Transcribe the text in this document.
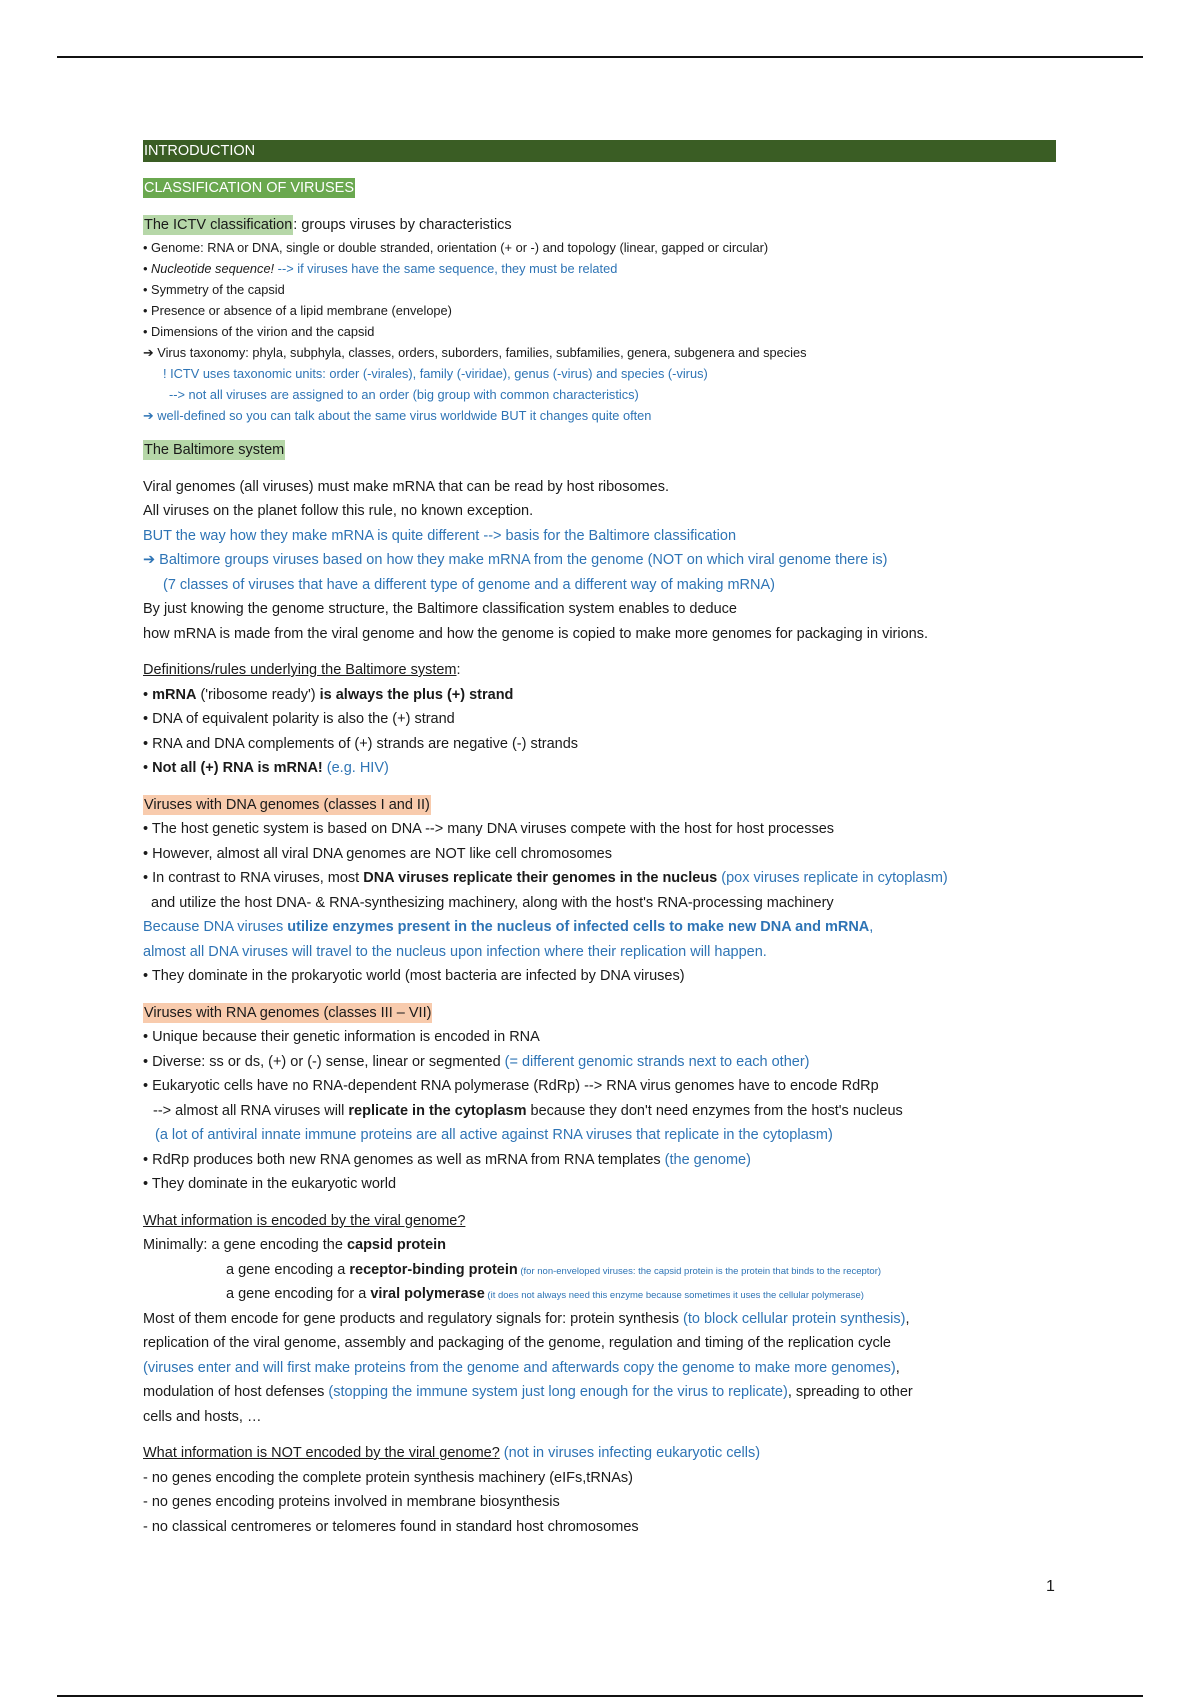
INTRODUCTION
CLASSIFICATION OF VIRUSES
The ICTV classification: groups viruses by characteristics
• Genome: RNA or DNA, single or double stranded, orientation (+ or -) and topology (linear, gapped or circular)
• Nucleotide sequence! --> if viruses have the same sequence, they must be related
• Symmetry of the capsid
• Presence or absence of a lipid membrane (envelope)
• Dimensions of the virion and the capsid
➔ Virus taxonomy: phyla, subphyla, classes, orders, suborders, families, subfamilies, genera, subgenera and species
! ICTV uses taxonomic units: order (-virales), family (-viridae), genus (-virus) and species (-virus)
--> not all viruses are assigned to an order (big group with common characteristics)
➔ well-defined so you can talk about the same virus worldwide BUT it changes quite often
The Baltimore system
Viral genomes (all viruses) must make mRNA that can be read by host ribosomes.
All viruses on the planet follow this rule, no known exception.
BUT the way how they make mRNA is quite different --> basis for the Baltimore classification
➔ Baltimore groups viruses based on how they make mRNA from the genome (NOT on which viral genome there is)
(7 classes of viruses that have a different type of genome and a different way of making mRNA)
By just knowing the genome structure, the Baltimore classification system enables to deduce
how mRNA is made from the viral genome and how the genome is copied to make more genomes for packaging in virions.
Definitions/rules underlying the Baltimore system:
• mRNA ('ribosome ready') is always the plus (+) strand
• DNA of equivalent polarity is also the (+) strand
• RNA and DNA complements of (+) strands are negative (-) strands
• Not all (+) RNA is mRNA! (e.g. HIV)
Viruses with DNA genomes (classes I and II)
• The host genetic system is based on DNA --> many DNA viruses compete with the host for host processes
• However, almost all viral DNA genomes are NOT like cell chromosomes
• In contrast to RNA viruses, most DNA viruses replicate their genomes in the nucleus (pox viruses replicate in cytoplasm)
and utilize the host DNA- & RNA-synthesizing machinery, along with the host's RNA-processing machinery
Because DNA viruses utilize enzymes present in the nucleus of infected cells to make new DNA and mRNA,
almost all DNA viruses will travel to the nucleus upon infection where their replication will happen.
• They dominate in the prokaryotic world (most bacteria are infected by DNA viruses)
Viruses with RNA genomes (classes III – VII)
• Unique because their genetic information is encoded in RNA
• Diverse: ss or ds, (+) or (-) sense, linear or segmented (= different genomic strands next to each other)
• Eukaryotic cells have no RNA-dependent RNA polymerase (RdRp) --> RNA virus genomes have to encode RdRp
--> almost all RNA viruses will replicate in the cytoplasm because they don't need enzymes from the host's nucleus
(a lot of antiviral innate immune proteins are all active against RNA viruses that replicate in the cytoplasm)
• RdRp produces both new RNA genomes as well as mRNA from RNA templates (the genome)
• They dominate in the eukaryotic world
What information is encoded by the viral genome?
Minimally: a gene encoding the capsid protein
a gene encoding a receptor-binding protein (for non-enveloped viruses: the capsid protein is the protein that binds to the receptor)
a gene encoding for a viral polymerase (it does not always need this enzyme because sometimes it uses the cellular polymerase)
Most of them encode for gene products and regulatory signals for: protein synthesis (to block cellular protein synthesis),
replication of the viral genome, assembly and packaging of the genome, regulation and timing of the replication cycle
(viruses enter and will first make proteins from the genome and afterwards copy the genome to make more genomes),
modulation of host defenses (stopping the immune system just long enough for the virus to replicate), spreading to other
cells and hosts, …
What information is NOT encoded by the viral genome? (not in viruses infecting eukaryotic cells)
- no genes encoding the complete protein synthesis machinery (eIFs,tRNAs)
- no genes encoding proteins involved in membrane biosynthesis
- no classical centromeres or telomeres found in standard host chromosomes
1
